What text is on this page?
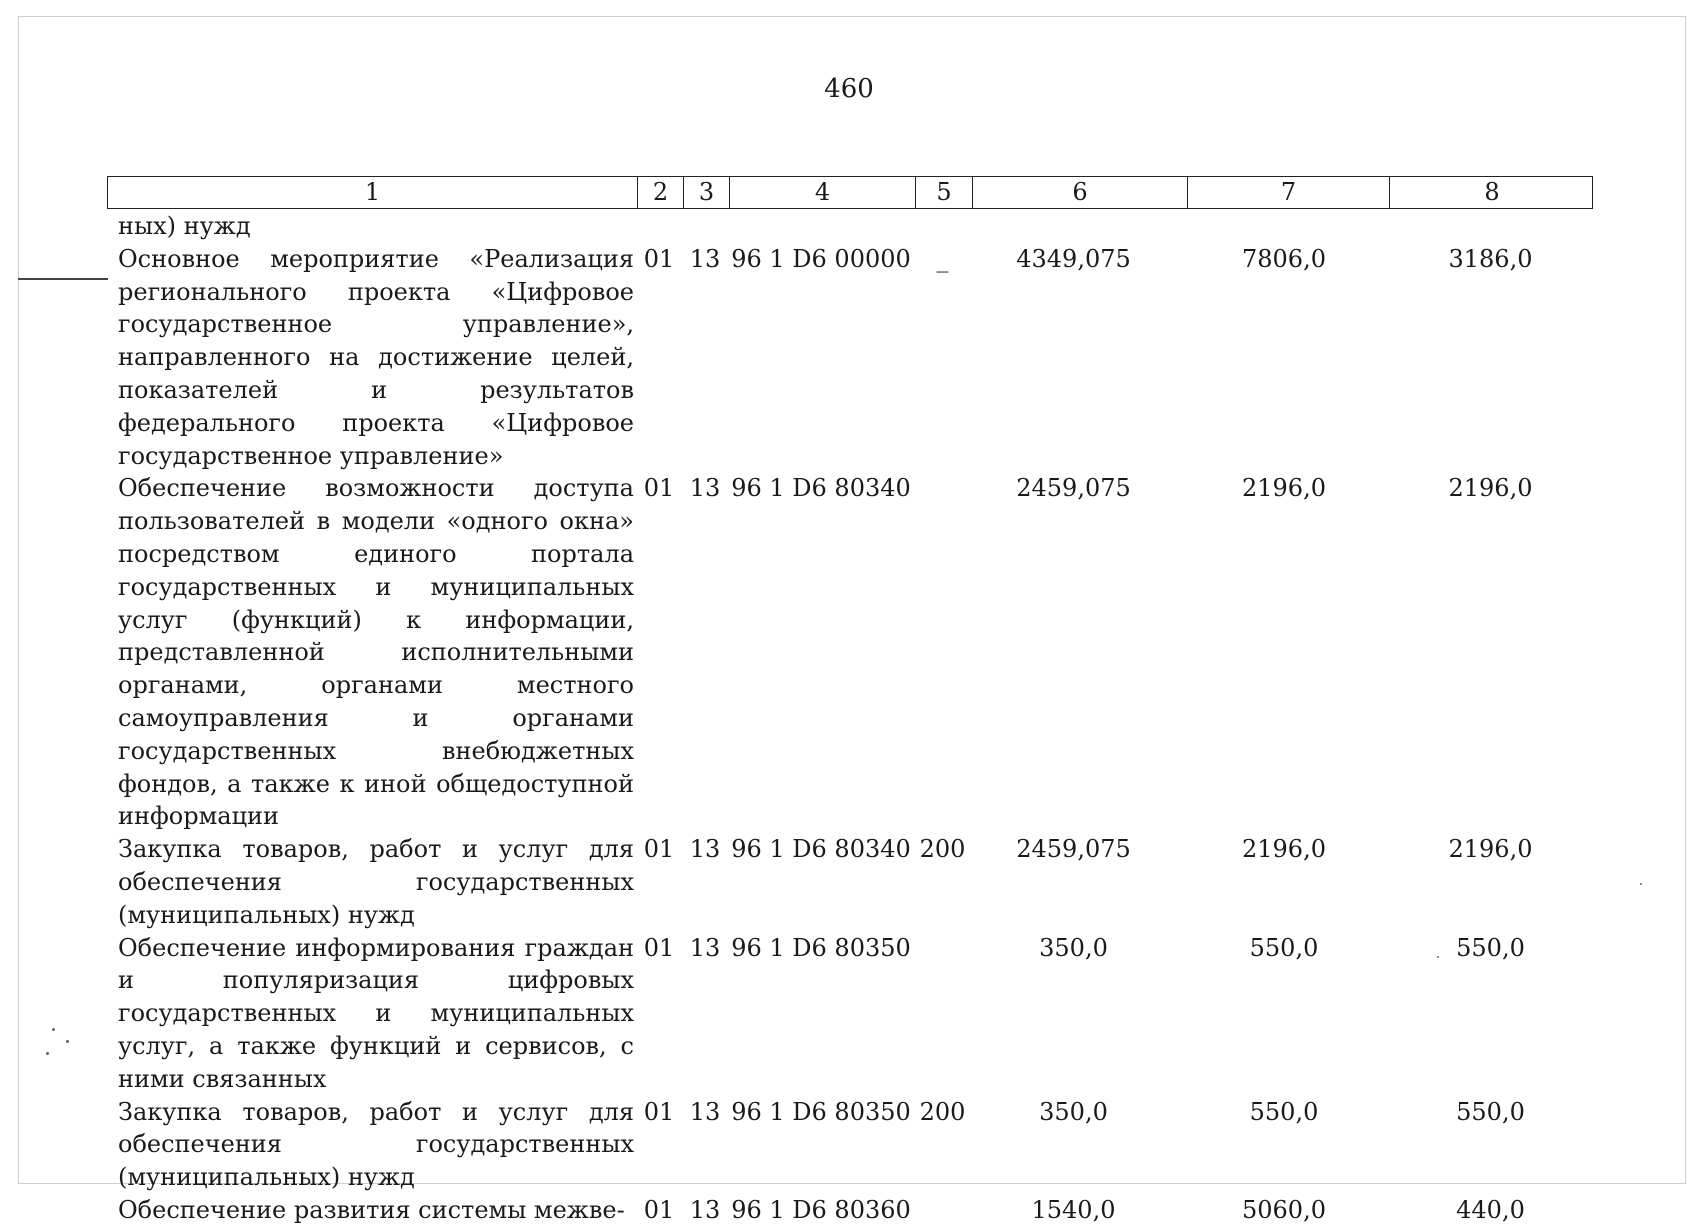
460
1	2	3	4	5	6	7	8
ных) нужд
Основное мероприятие «Реализация регионального проекта «Цифровое государственное управление», направленного на достижение целей, показателей и результатов федерального проекта «Цифровое государственное управление»
01 13 96 1 D6 00000	_	4349,075	7806,0	3186,0
Обеспечение возможности доступа пользователей в модели «одного окна» посредством единого портала государственных и муниципальных услуг (функций) к информации, представленной исполнительными органами, органами местного самоуправления и органами государственных внебюджетных фондов, а также к иной общедоступной информации
01 13 96 1 D6 80340	2459,075	2196,0	2196,0
Закупка товаров, работ и услуг для обеспечения государственных (муниципальных) нужд
01 13 96 1 D6 80340 200	2459,075	2196,0	2196,0
Обеспечение информирования граждан и популяризация цифровых государственных и муниципальных услуг, а также функций и сервисов, с ними связанных
01 13 96 1 D6 80350	350,0	550,0	550,0
Закупка товаров, работ и услуг для обеспечения государственных (муниципальных) нужд
01 13 96 1 D6 80350 200	350,0	550,0	550,0
Обеспечение развития системы межве- 01 13 96 1 D6 80360	1540,0	5060,0	440,0
